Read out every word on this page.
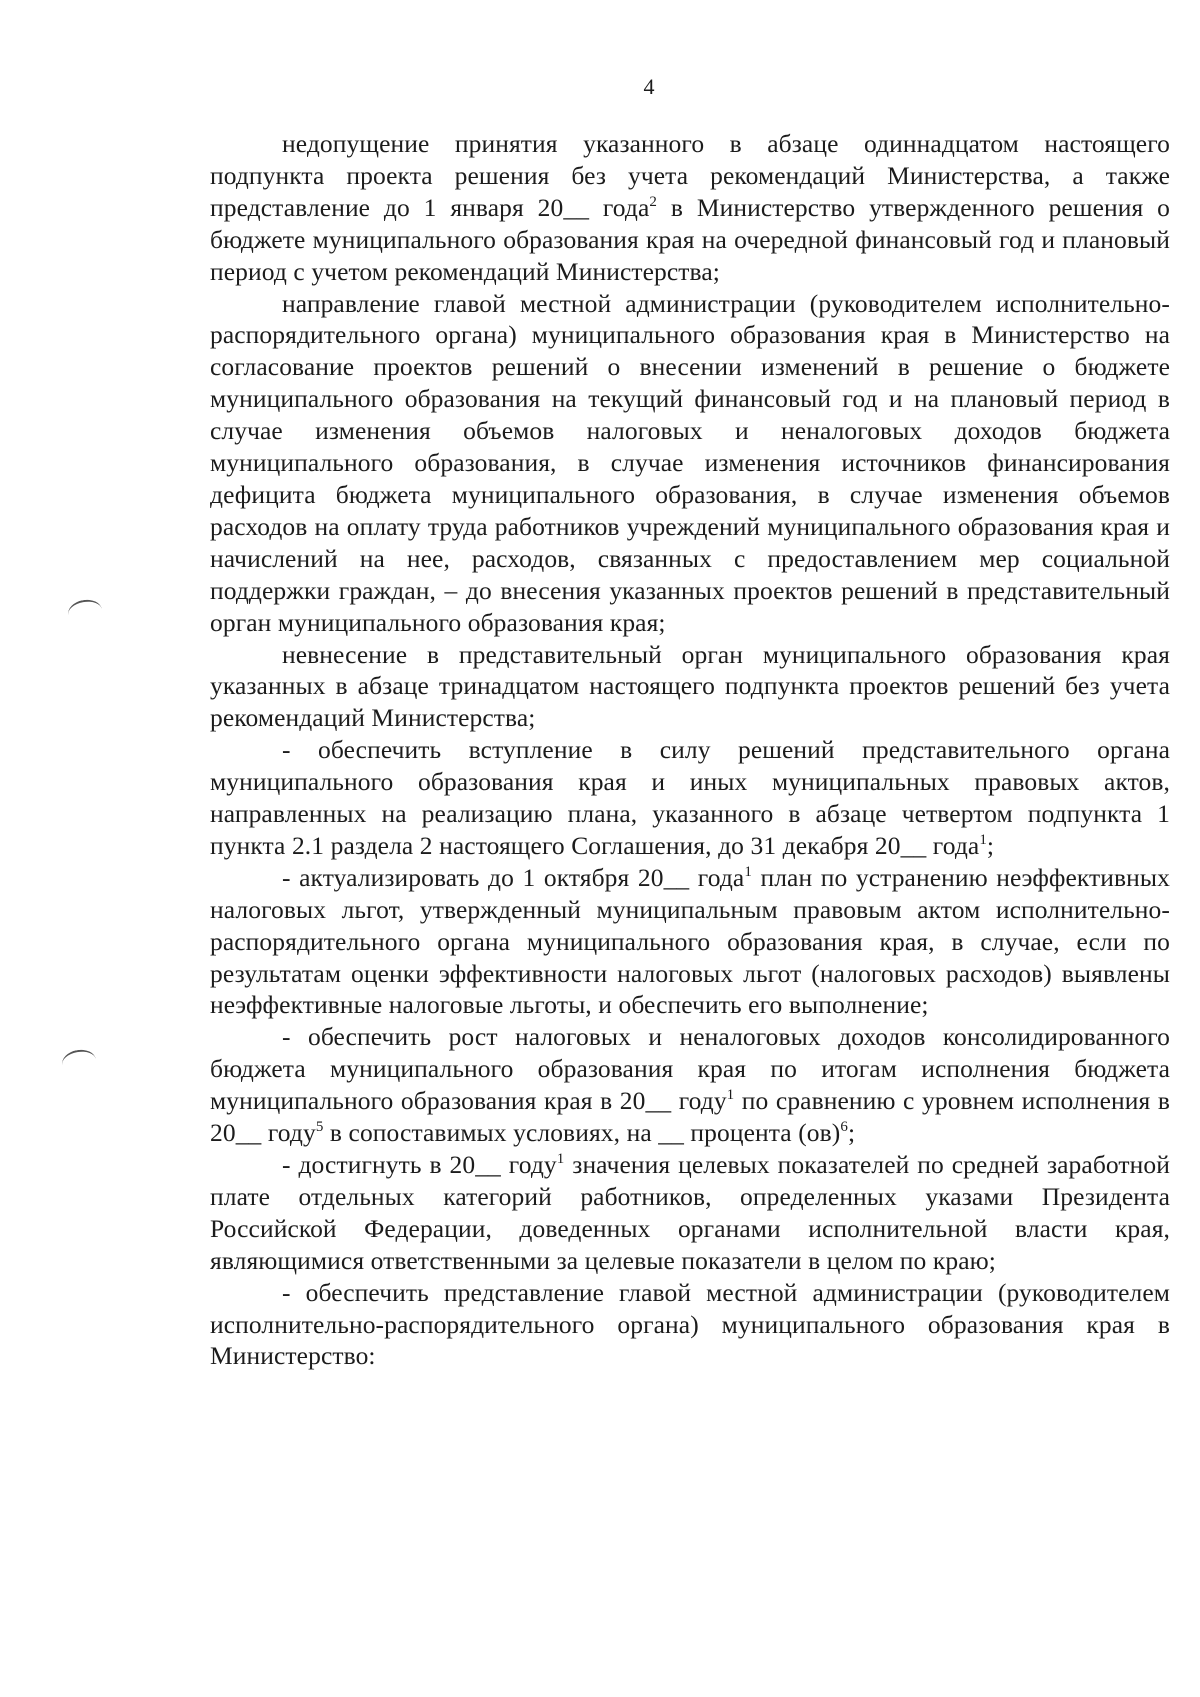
4

недопущение принятия указанного в абзаце одиннадцатом настоящего подпункта проекта решения без учета рекомендаций Министерства, а также представление до 1 января 20__ года$^2$ в Министерство утвержденного решения о бюджете муниципального образования края на очередной финансовый год и плановый период с учетом рекомендаций Министерства;

направление главой местной администрации (руководителем исполнительно-распорядительного органа) муниципального образования края в Министерство на согласование проектов решений о внесении изменений в решение о бюджете муниципального образования на текущий финансовый год и на плановый период в случае изменения объемов налоговых и неналоговых доходов бюджета муниципального образования, в случае изменения источников финансирования дефицита бюджета муниципального образования, в случае изменения объемов расходов на оплату труда работников учреждений муниципального образования края и начислений на нее, расходов, связанных с предоставлением мер социальной поддержки граждан, – до внесения указанных проектов решений в представительный орган муниципального образования края;

невнесение в представительный орган муниципального образования края указанных в абзаце тринадцатом настоящего подпункта проектов решений без учета рекомендаций Министерства;

- обеспечить вступление в силу решений представительного органа муниципального образования края и иных муниципальных правовых актов, направленных на реализацию плана, указанного в абзаце четвертом подпункта 1 пункта 2.1 раздела 2 настоящего Соглашения, до 31 декабря 20__ года$^1$;

- актуализировать до 1 октября 20__ года$^1$ план по устранению неэффективных налоговых льгот, утвержденный муниципальным правовым актом исполнительно-распорядительного органа муниципального образования края, в случае, если по результатам оценки эффективности налоговых льгот (налоговых расходов) выявлены неэффективные налоговые льготы, и обеспечить его выполнение;

- обеспечить рост налоговых и неналоговых доходов консолидированного бюджета муниципального образования края по итогам исполнения бюджета муниципального образования края в 20__ году$^1$ по сравнению с уровнем исполнения в 20__ году$^5$ в сопоставимых условиях, на __ процента (ов)$^6$;

- достигнуть в 20__ году$^1$ значения целевых показателей по средней заработной плате отдельных категорий работников, определенных указами Президента Российской Федерации, доведенных органами исполнительной власти края, являющимися ответственными за целевые показатели в целом по краю;

- обеспечить представление главой местной администрации (руководителем исполнительно-распорядительного органа) муниципального образования края в Министерство:
